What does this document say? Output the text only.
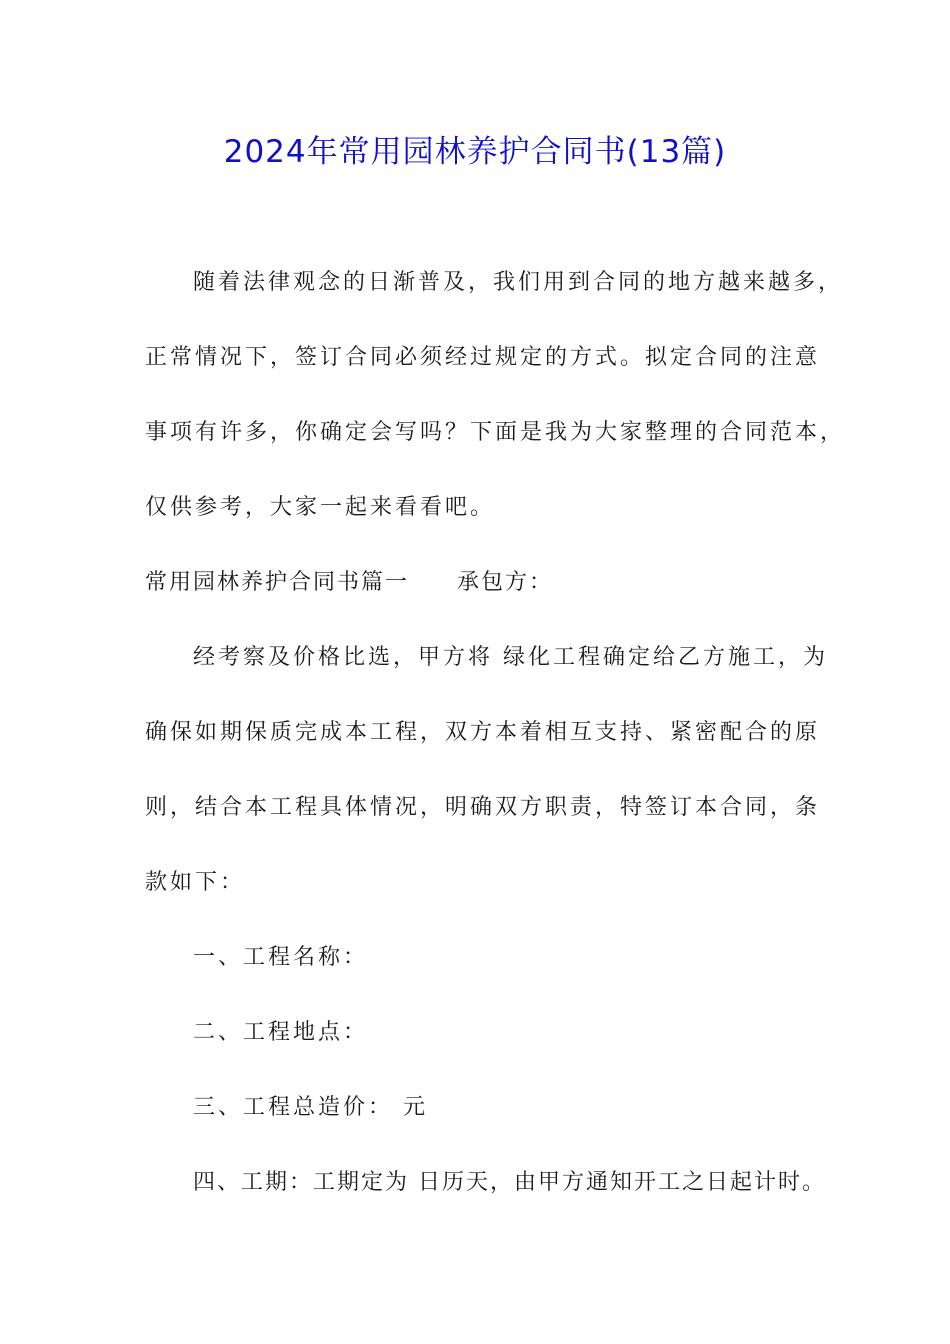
2024年常用园林养护合同书(13篇)
随着法律观念的日渐普及，我们用到合同的地方越来越多，
正常情况下，签订合同必须经过规定的方式。拟定合同的注意
事项有许多，你确定会写吗？下面是我为大家整理的合同范本，
仅供参考，大家一起来看看吧。
常用园林养护合同书篇一 承包方：
经考察及价格比选，甲方将 绿化工程确定给乙方施工，为
确保如期保质完成本工程，双方本着相互支持、紧密配合的原
则，结合本工程具体情况，明确双方职责，特签订本合同，条
款如下：
一、工程名称：
二、工程地点：
三、工程总造价： 元
四、工期：工期定为 日历天，由甲方通知开工之日起计时。
